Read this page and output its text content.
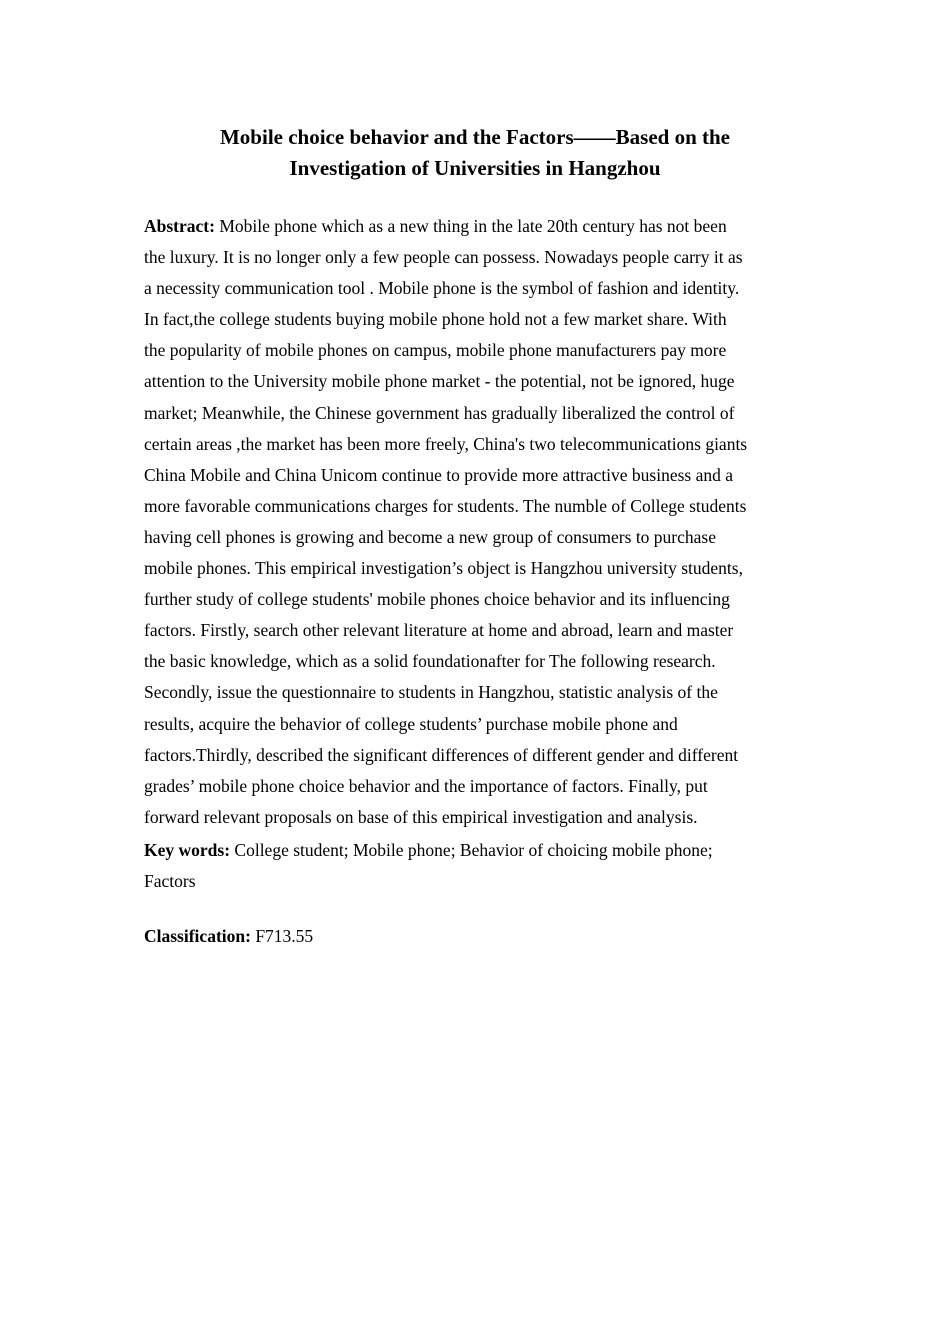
Mobile choice behavior and the Factors——Based on the
Investigation of Universities in Hangzhou
Abstract: Mobile phone which as a new thing in the late 20th century has not been
the luxury. It is no longer only a few people can possess. Nowadays people carry it as
a necessity communication tool . Mobile phone is the symbol of fashion and identity.
In fact,the college students buying mobile phone hold not a few market share. With
the popularity of mobile phones on campus, mobile phone manufacturers pay more
attention to the University mobile phone market - the potential, not be ignored, huge
market; Meanwhile, the Chinese government has gradually liberalized the control of
certain areas ,the market has been more freely, China's two telecommunications giants
China Mobile and China Unicom continue to provide more attractive business and a
more favorable communications charges for students. The numble of College students
having cell phones is growing and become a new group of consumers to purchase
mobile phones. This empirical investigation’s object is Hangzhou university students,
further study of college students' mobile phones choice behavior and its influencing
factors. Firstly, search other relevant literature at home and abroad, learn and master
the basic knowledge, which as a solid foundationafter for The following research.
Secondly, issue the questionnaire to students in Hangzhou, statistic analysis of the
results, acquire the behavior of college students’ purchase mobile phone and
factors.Thirdly, described the significant differences of different gender and different
grades’ mobile phone choice behavior and the importance of factors. Finally, put
forward relevant proposals on base of this empirical investigation and analysis.
Key words: College student; Mobile phone; Behavior of choicing mobile phone;
Factors
Classification: F713.55
